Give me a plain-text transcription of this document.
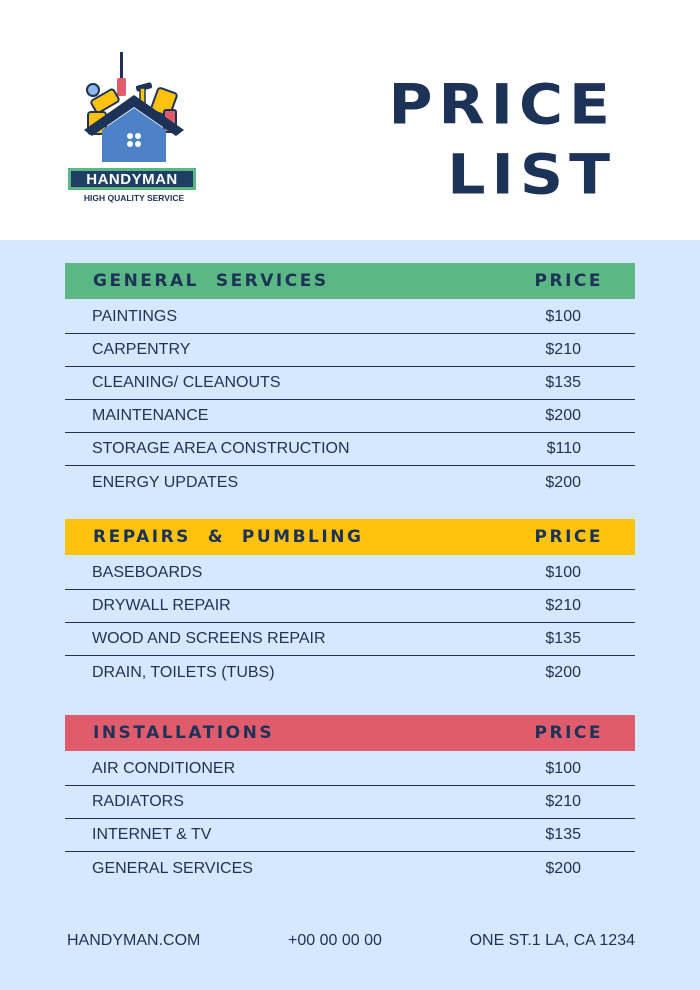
HANDYMAN
HIGH QUALITY SERVICE
PRICE
LIST
GENERAL  SERVICES	PRICE
PAINTINGS	$100
CARPENTRY	$210
CLEANING/ CLEANOUTS	$135
MAINTENANCE	$200
STORAGE AREA CONSTRUCTION	$110
ENERGY UPDATES	$200
REPAIRS  &  PUMBLING	PRICE
BASEBOARDS	$100
DRYWALL REPAIR	$210
WOOD AND SCREENS REPAIR	$135
DRAIN, TOILETS (TUBS)	$200
INSTALLATIONS	PRICE
AIR CONDITIONER	$100
RADIATORS	$210
INTERNET & TV	$135
GENERAL SERVICES	$200
HANDYMAN.COM	+00 00 00 00	ONE ST.1 LA, CA 1234
